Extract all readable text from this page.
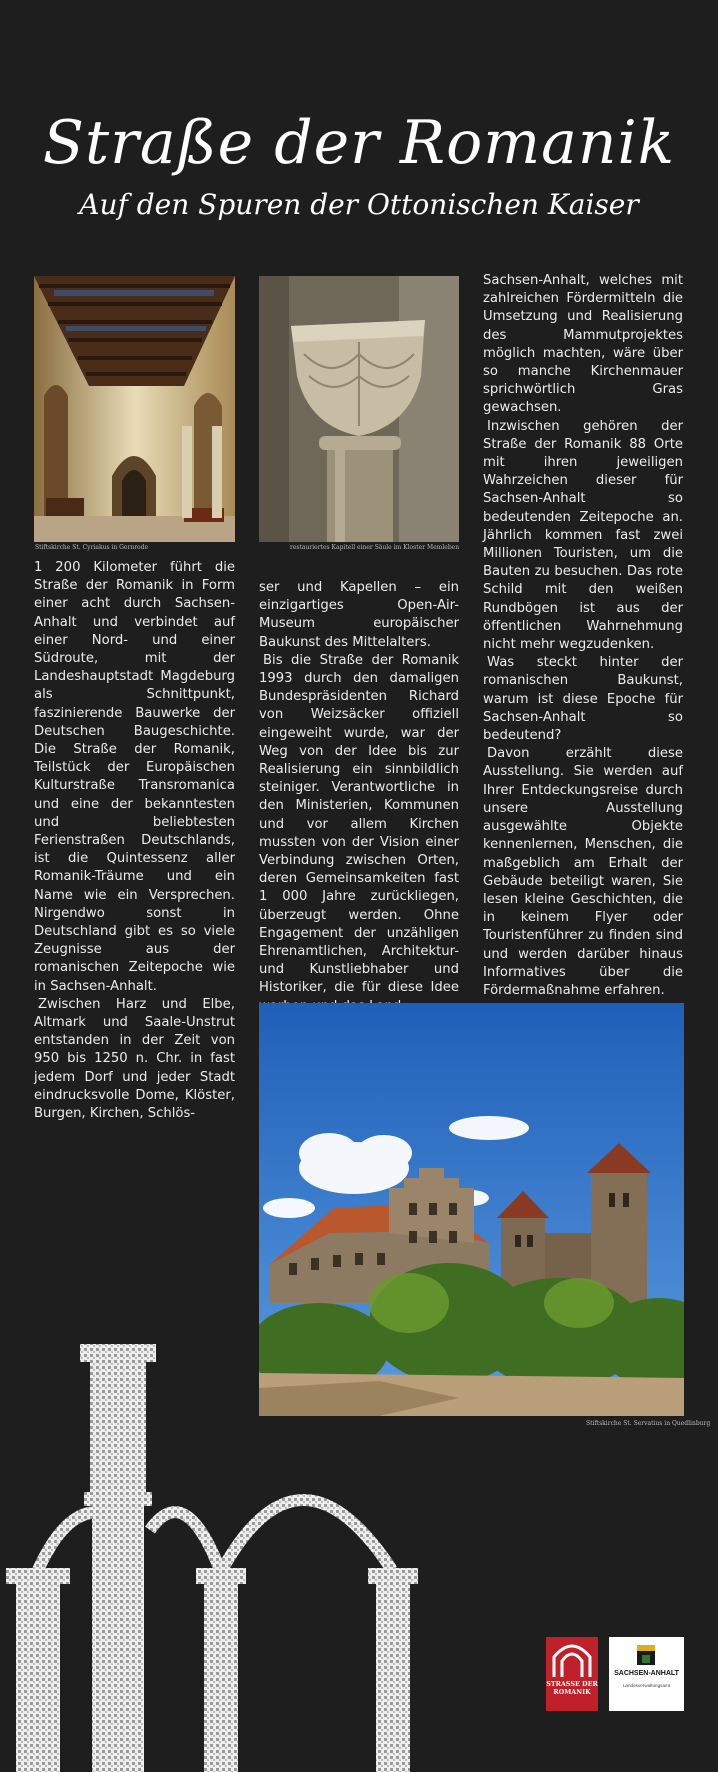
Straße der Romanik
Auf den Spuren der Ottonischen Kaiser
Stiftskirche St. Cyriakus in Gernrode	restauriertes Kapitell einer Säule im Kloster Memleben

1 200 Kilometer führt die Straße der Romanik in Form einer acht durch Sachsen-Anhalt und verbindet auf einer Nord- und einer Südroute, mit der Landeshauptstadt Magdeburg als Schnittpunkt, faszinierende Bauwerke der Deutschen Baugeschichte. Die Straße der Romanik, Teilstück der Europäischen Kulturstraße Transromanica und eine der bekanntesten und beliebtesten Ferienstraßen Deutschlands, ist die Quintessenz aller Romanik-Träume und ein Name wie ein Versprechen. Nirgendwo sonst in Deutschland gibt es so viele Zeugnisse aus der romanischen Zeitepoche wie in Sachsen-Anhalt.

Zwischen Harz und Elbe, Altmark und Saale-Unstrut entstanden in der Zeit von 950 bis 1250 n. Chr. in fast jedem Dorf und jeder Stadt eindrucksvolle Dome, Klöster, Burgen, Kirchen, Schlös-

ser und Kapellen – ein einzigartiges Open-Air-Museum europäischer Baukunst des Mittelalters.

Bis die Straße der Romanik 1993 durch den damaligen Bundespräsidenten Richard von Weizsäcker offiziell eingeweiht wurde, war der Weg von der Idee bis zur Realisierung ein sinnbildlich steiniger. Verantwortliche in den Ministerien, Kommunen und vor allem Kirchen mussten von der Vision einer Verbindung zwischen Orten, deren Gemeinsamkeiten fast 1 000 Jahre zurückliegen, überzeugt werden. Ohne Engagement der unzähligen Ehrenamtlichen, Architektur- und Kunstliebhaber und Historiker, die für diese Idee

Sachsen-Anhalt, welches mit zahlreichen Fördermitteln die Umsetzung und Realisierung des Mammutprojektes möglich machten, wäre über so manche Kirchenmauer sprichwörtlich Gras gewachsen.

Inzwischen gehören der Straße der Romanik 88 Orte mit ihren jeweiligen Wahrzeichen dieser für Sachsen-Anhalt so bedeutenden Zeitepoche an. Jährlich kommen fast zwei Millionen Touristen, um die Bauten zu besuchen. Das rote Schild mit den weißen Rundbögen ist aus der öffentlichen Wahrnehmung nicht mehr wegzudenken.

Was steckt hinter der romanischen Baukunst, warum ist diese Epoche für Sachsen-Anhalt so bedeutend?

Davon erzählt diese Ausstellung. Sie werden auf Ihrer Entdeckungsreise durch unsere Ausstellung ausgewählte Objekte kennenlernen, Menschen, die maßgeblich am Erhalt der Gebäude beteiligt waren, Sie lesen kleine Geschichten, die in keinem Flyer oder Touristenführer zu finden sind und werden darüber hinaus Informatives über die Fördermaßnahme erfahren.

Stiftskirche St. Servatius in Quedlinburg
STRASSE DER ROMANIK
SACHSEN-ANHALT
Landesverwaltungsamt
